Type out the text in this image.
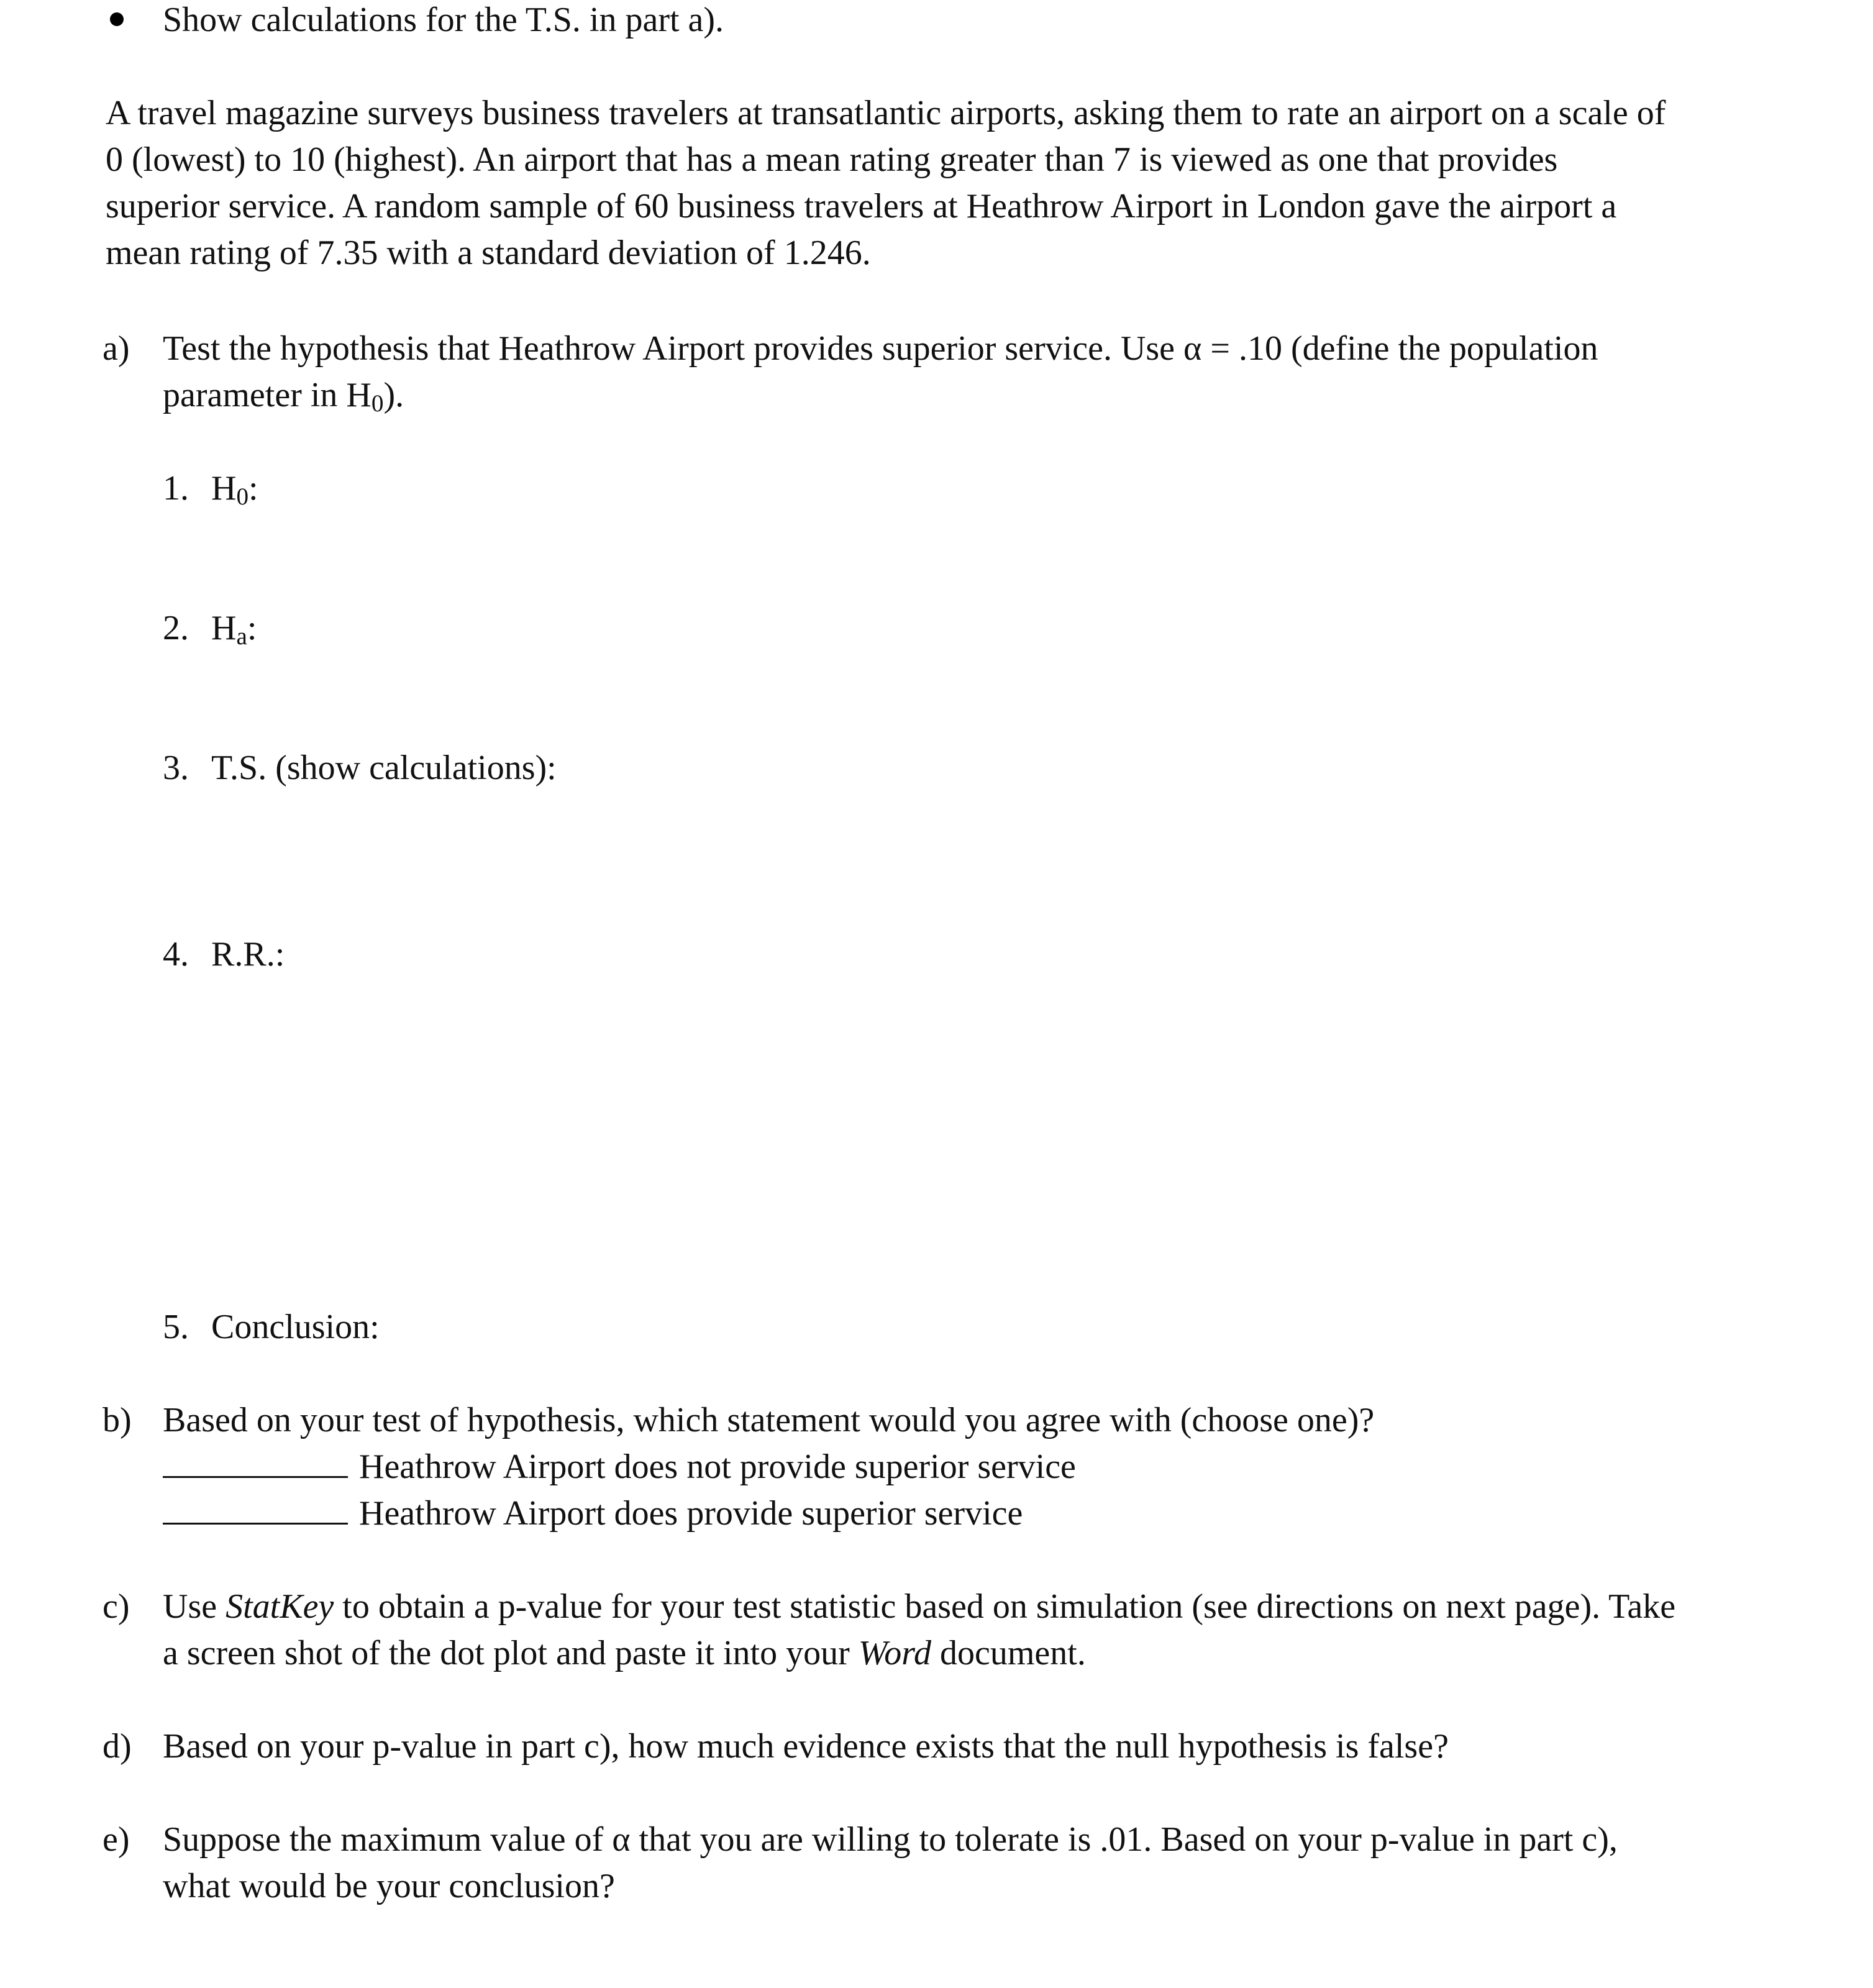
Show calculations for the T.S. in part a).

A travel magazine surveys business travelers at transatlantic airports, asking them to rate an airport on a scale of

0 (lowest) to 10 (highest). An airport that has a mean rating greater than 7 is viewed as one that provides

superior service. A random sample of 60 business travelers at Heathrow Airport in London gave the airport a

mean rating of 7.35 with a standard deviation of 1.246.

a) Test the hypothesis that Heathrow Airport provides superior service. Use α = .10 (define the population
parameter in H0).
1. H0:
2. Ha:
3. T.S. (show calculations):
4. R.R.:
5. Conclusion:
b) Based on your test of hypothesis, which statement would you agree with (choose one)?
Heathrow Airport does not provide superior service
Heathrow Airport does provide superior service
c) Use StatKey to obtain a p-value for your test statistic based on simulation (see directions on next page). Take
a screen shot of the dot plot and paste it into your Word document.
d) Based on your p-value in part c), how much evidence exists that the null hypothesis is false?
e) Suppose the maximum value of α that you are willing to tolerate is .01. Based on your p-value in part c),
what would be your conclusion?
